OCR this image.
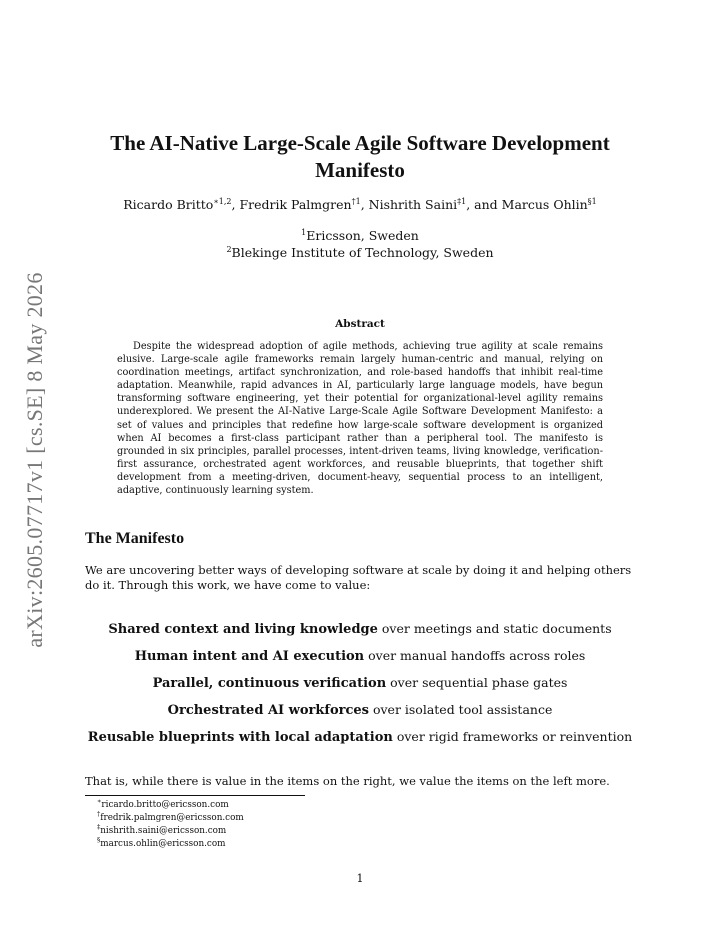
arXiv:2605.07717v1 [cs.SE] 8 May 2026
The AI-Native Large-Scale Agile Software Development Manifesto

Ricardo Britto$^{∗1,2}$, Fredrik Palmgren$^{\dagger 1}$, Nishrith Saini$^{\ddagger 1}$, and Marcus Ohlin$^{\S 1}$

$^1$Ericsson, Sweden
$^2$Blekinge Institute of Technology, Sweden
Abstract

Despite the widespread adoption of agile methods, achieving true agility at scale remains elusive. Large-scale agile frameworks remain largely human-centric and manual, relying on coordination meetings, artifact synchronization, and role-based handoffs that inhibit real-time adaptation. Meanwhile, rapid advances in AI, particularly large language models, have begun transforming software engineering, yet their potential for organizational-level agility remains underexplored. We present the AI-Native Large-Scale Agile Software Development Manifesto: a set of values and principles that redefine how large-scale software development is organized when AI becomes a first-class participant rather than a peripheral tool. The manifesto is grounded in six principles, parallel processes, intent-driven teams, living knowledge, verification-first assurance, orchestrated agent workforces, and reusable blueprints, that together shift development from a meeting-driven, document-heavy, sequential process to an intelligent, adaptive, continuously learning system.

The Manifesto

We are uncovering better ways of developing software at scale by doing it and helping others do it. Through this work, we have come to value:

Shared context and living knowledge over meetings and static documents
Human intent and AI execution over manual handoffs across roles
Parallel, continuous verification over sequential phase gates
Orchestrated AI workforces over isolated tool assistance
Reusable blueprints with local adaptation over rigid frameworks or reinvention

That is, while there is value in the items on the right, we value the items on the left more.

∗ricardo.britto@ericsson.com
†fredrik.palmgren@ericsson.com
‡nishrith.saini@ericsson.com
§marcus.ohlin@ericsson.com

1
